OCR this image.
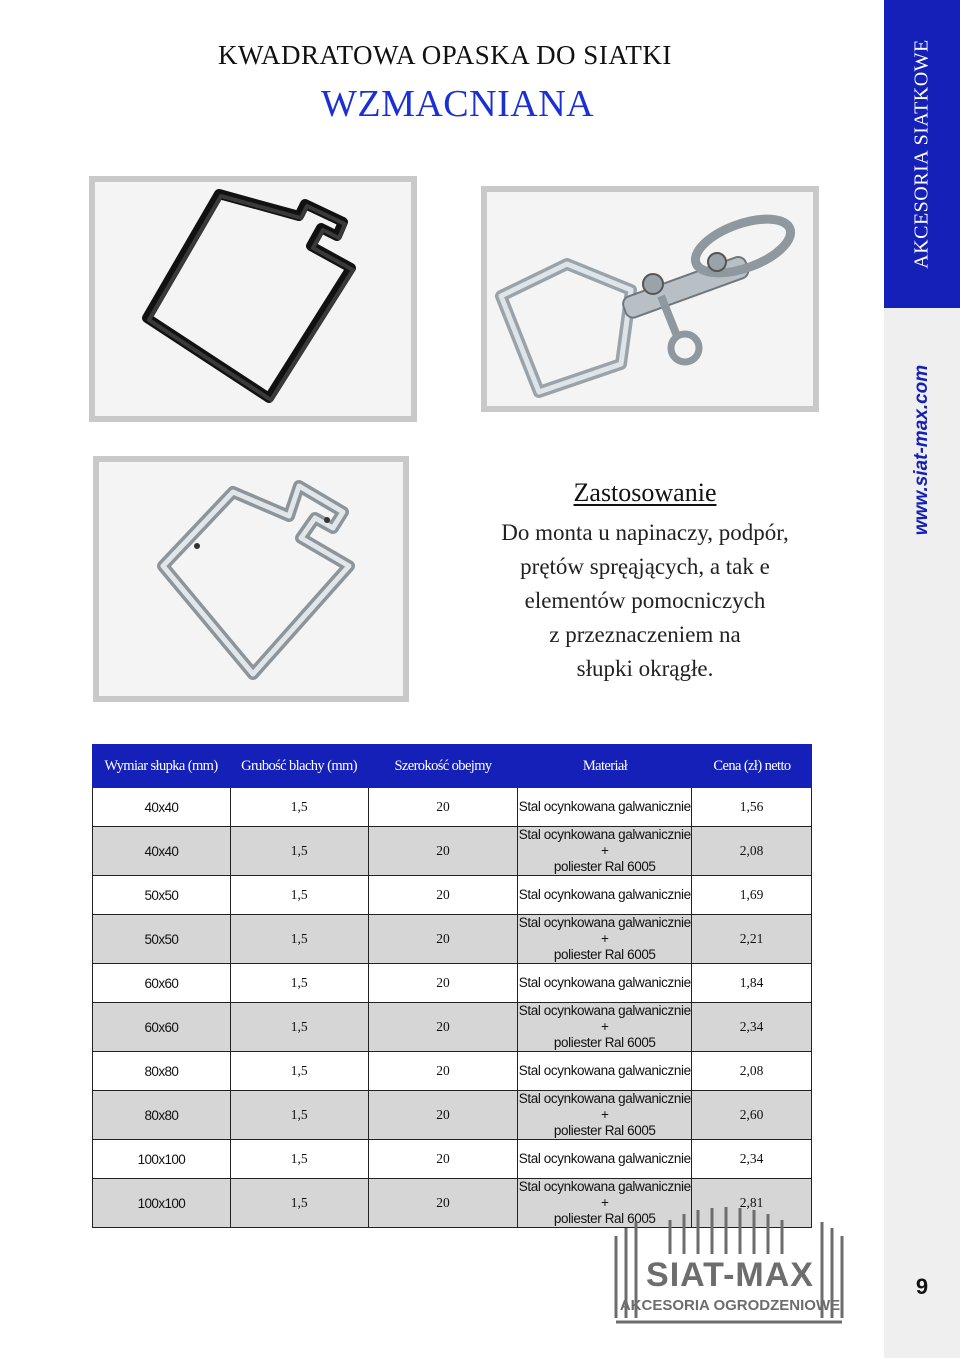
KWADRATOWA OPASKA DO SIATKI
WZMACNIANA	AKCESORIA SIATKOWE
www.siat-max.com
9
Zastosowanie
Do monta u napinaczy, podpór,
prętów spręąjących, a tak e
elementów pomocniczych
z przeznaczeniem na
słupki okrągłe.
Wymiar słupka (mm)	Grubość blachy (mm)	Szerokość obejmy	Materiał	Cena (zł) netto
40x40	1,5	20	Stal ocynkowana galwanicznie	1,56
40x40	1,5	20	Stal ocynkowana galwanicznie +
poliester Ral 6005	2,08
50x50	1,5	20	Stal ocynkowana galwanicznie	1,69
50x50	1,5	20	Stal ocynkowana galwanicznie +
poliester Ral 6005	2,21
60x60	1,5	20	Stal ocynkowana galwanicznie	1,84
60x60	1,5	20	Stal ocynkowana galwanicznie +
poliester Ral 6005	2,34
80x80	1,5	20	Stal ocynkowana galwanicznie	2,08
80x80	1,5	20	Stal ocynkowana galwanicznie +
poliester Ral 6005	2,60
100x100	1,5	20	Stal ocynkowana galwanicznie	2,34
100x100	1,5	20	Stal ocynkowana galwanicznie +
poliester Ral 6005	2,81
SIAT-MAX
AKCESORIA OGRODZENIOWE
